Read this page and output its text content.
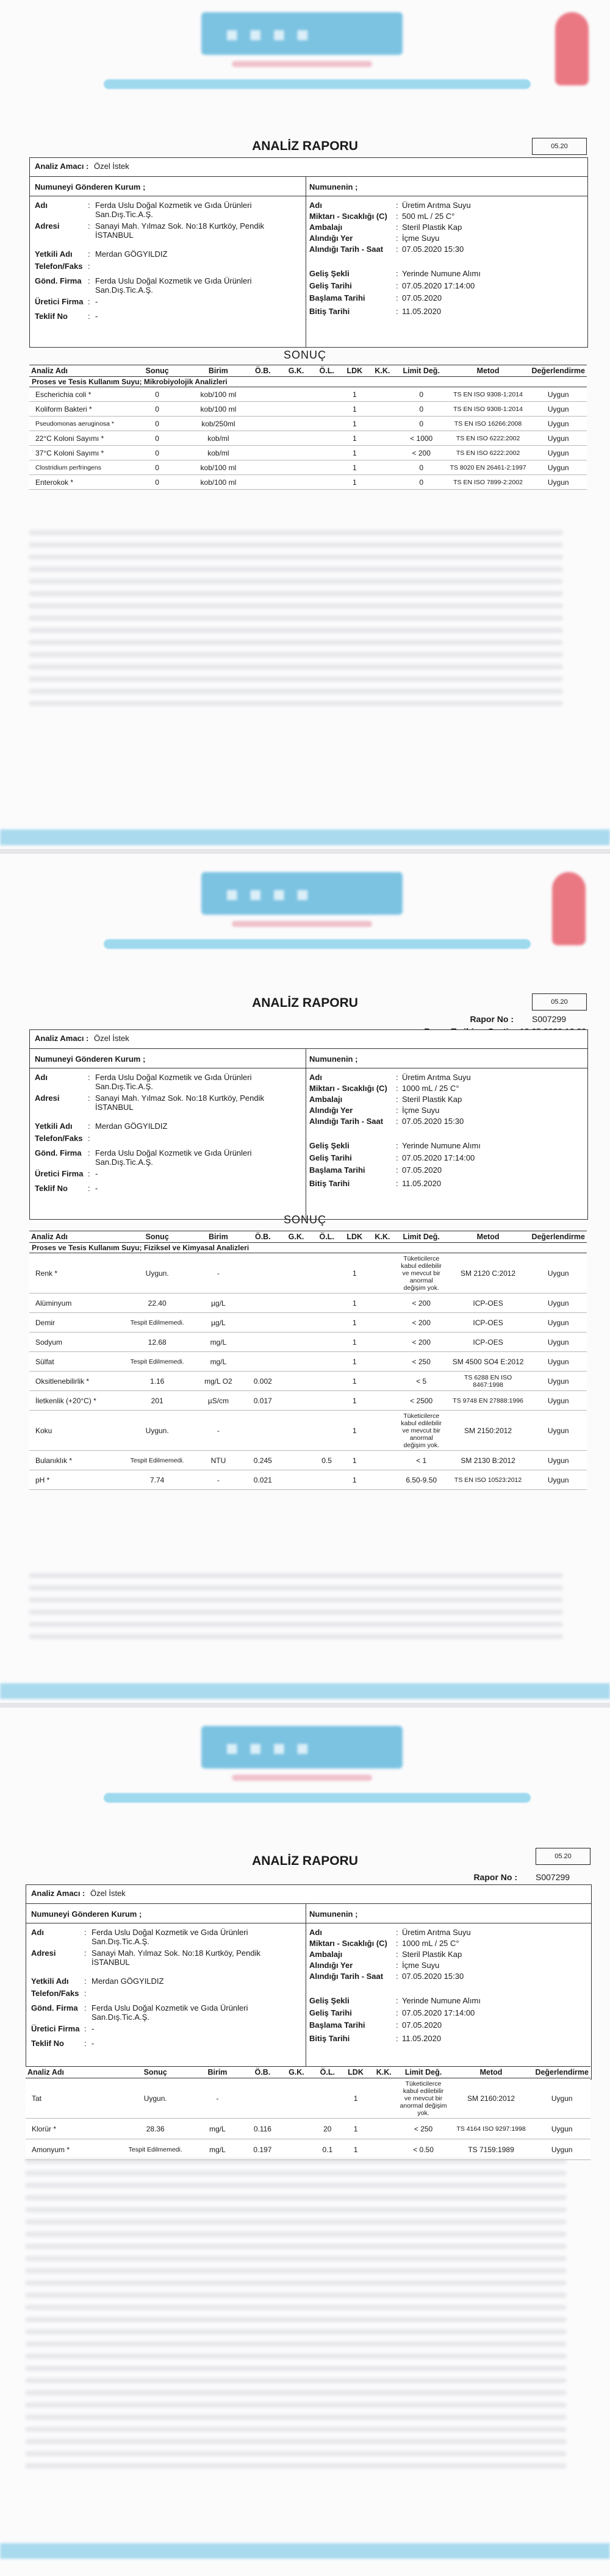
■■■■
05.20
ANALİZ RAPORU
Analiz Amacı : Özel İstek
Numuneyi Gönderen Kurum ;	Numunenin ;
Adı	: Ferda Uslu Doğal Kozmetik ve Gıda Ürünleri San.Dış.Tic.A.Ş.
Adresi	: Sanayi Mah. Yılmaz Sok. No:18 Kurtköy, Pendik İSTANBUL
Yetkili Adı : Merdan GÖGYILDIZ
Telefon/Faks :
Gönd. Firma : Ferda Uslu Doğal Kozmetik ve Gıda Ürünleri San.Dış.Tic.A.Ş.
Üretici Firma : -
Teklif No	: -
Adı	: Üretim Arıtma Suyu
Miktarı - Sıcaklığı (C) : 500 mL / 25 C°
Ambalajı	: Steril Plastik Kap
Alındığı Yer	: İçme Suyu
Alındığı Tarih - Saat : 07.05.2020 15:30
Geliş Şekli	: Yerinde Numune Alımı
Geliş Tarihi	: 07.05.2020 17:14:00
Başlama Tarihi	: 07.05.2020
Bitiş Tarihi	: 11.05.2020
SONUÇ
Analiz Adı	Sonuç	Birim	Ö.B.	G.K.	Ö.L.	LDK	K.K.	Limit Değ.	Metod	Değerlendirme
Proses ve Tesis Kullanım Suyu; Mikrobiyolojik Analizleri										
Escherichia coli *	0	kob/100 ml				1		0	TS EN ISO 9308-1:2014	Uygun
Koliform Bakteri *	0	kob/100 ml				1		0	TS EN ISO 9308-1:2014	Uygun
Pseudomonas aeruginosa *	0	kob/250ml				1		0	TS EN ISO 16266:2008	Uygun
22°C Koloni Sayımı *	0	kob/ml				1		< 1000	TS EN ISO 6222:2002	Uygun
37°C Koloni Sayımı *	0	kob/ml				1		< 200	TS EN ISO 6222:2002	Uygun
Clostridium perfringens	0	kob/100 ml				1		0	TS 8020 EN 26461-2:1997	Uygun
Enterokok *	0	kob/100 ml				1		0	TS EN ISO 7899-2:2002	Uygun
■■■■
05.20
ANALİZ RAPORU
Rapor No : S007299
Analiz Amacı : Özel İstek
Numuneyi Gönderen Kurum ;	Numunenin ;
Adı	: Ferda Uslu Doğal Kozmetik ve Gıda Ürünleri San.Dış.Tic.A.Ş.
Adresi	: Sanayi Mah. Yılmaz Sok. No:18 Kurtköy, Pendik İSTANBUL
Yetkili Adı : Merdan GÖGYILDIZ
Telefon/Faks :
Gönd. Firma : Ferda Uslu Doğal Kozmetik ve Gıda Ürünleri San.Dış.Tic.A.Ş.
Üretici Firma : -
Teklif No	: -
Adı	: Üretim Arıtma Suyu
Miktarı - Sıcaklığı (C) : 1000 mL / 25 C°
Ambalajı	: Steril Plastik Kap
Alındığı Yer	: İçme Suyu
Alındığı Tarih - Saat : 07.05.2020 15:30
Geliş Şekli	: Yerinde Numune Alımı
Geliş Tarihi	: 07.05.2020 17:14:00
Başlama Tarihi	: 07.05.2020
Bitiş Tarihi	: 11.05.2020
SONUÇ
Analiz Adı	Sonuç	Birim	Ö.B.	G.K.	Ö.L.	LDK	K.K.	Limit Değ.	Metod	Değerlendirme
Proses ve Tesis Kullanım Suyu; Fiziksel ve Kimyasal Analizleri										
Renk *	Uygun.	-				1		Tüketicilerce kabul edilebilir ve mevcut bir anormal değişim yok.	SM 2120 C:2012	Uygun
Alüminyum	22.40	µg/L				1		< 200	ICP-OES	Uygun
Demir	Tespit Edilmemedi.	µg/L				1		< 200	ICP-OES	Uygun
Sodyum	12.68	mg/L				1		< 200	ICP-OES	Uygun
Sülfat	Tespit Edilmemedi.	mg/L				1		< 250	SM 4500 SO4 E:2012	Uygun
Oksitlenebilirlik *	1.16	mg/L O2	0.002			1		< 5	TS 6288 EN ISO 8467:1998	Uygun
İletkenlik (+20°C) *	201	µS/cm	0.017			1		< 2500	TS 9748 EN 27888:1996	Uygun
Koku	Uygun.	-				1		Tüketicilerce kabul edilebilir ve mevcut bir anormal değişim yok.	SM 2150:2012	Uygun
Bulanıklık *	Tespit Edilmemedi.	NTU	0.245		0.5	1		< 1	SM 2130 B:2012	Uygun
pH *	7.74	-	0.021			1		6.50-9.50	TS EN ISO 10523:2012	Uygun
■■■■
05.20
ANALİZ RAPORU
Rapor No : S007299
Analiz Amacı : Özel İstek
Numuneyi Gönderen Kurum ;	Numunenin ;
Adı	: Ferda Uslu Doğal Kozmetik ve Gıda Ürünleri San.Dış.Tic.A.Ş.
Adresi	: Sanayi Mah. Yılmaz Sok. No:18 Kurtköy, Pendik İSTANBUL
Yetkili Adı : Merdan GÖGYILDIZ
Telefon/Faks :
Gönd. Firma : Ferda Uslu Doğal Kozmetik ve Gıda Ürünleri San.Dış.Tic.A.Ş.
Üretici Firma : -
Teklif No	: -
Adı	: Üretim Arıtma Suyu
Miktarı - Sıcaklığı (C) : 1000 mL / 25 C°
Ambalajı	: Steril Plastik Kap
Alındığı Yer	: İçme Suyu
Alındığı Tarih - Saat : 07.05.2020 15:30
Geliş Şekli	: Yerinde Numune Alımı
Geliş Tarihi	: 07.05.2020 17:14:00
Başlama Tarihi	: 07.05.2020
Bitiş Tarihi	: 11.05.2020
Analiz Adı	Sonuç	Birim	Ö.B.	G.K.	Ö.L.	LDK	K.K.	Limit Değ.	Metod	Değerlendirme
Tat	Uygun.	-				1		Tüketicilerce kabul edilebilir ve mevcut bir anormal değişim yok.	SM 2160:2012	Uygun
Klorür *	28.36	mg/L	0.116		20	1		< 250	TS 4164 ISO 9297:1998	Uygun
Amonyum *	Tespit Edilmemedi.	mg/L	0.197		0.1	1		< 0.50	TS 7159:1989	Uygun
